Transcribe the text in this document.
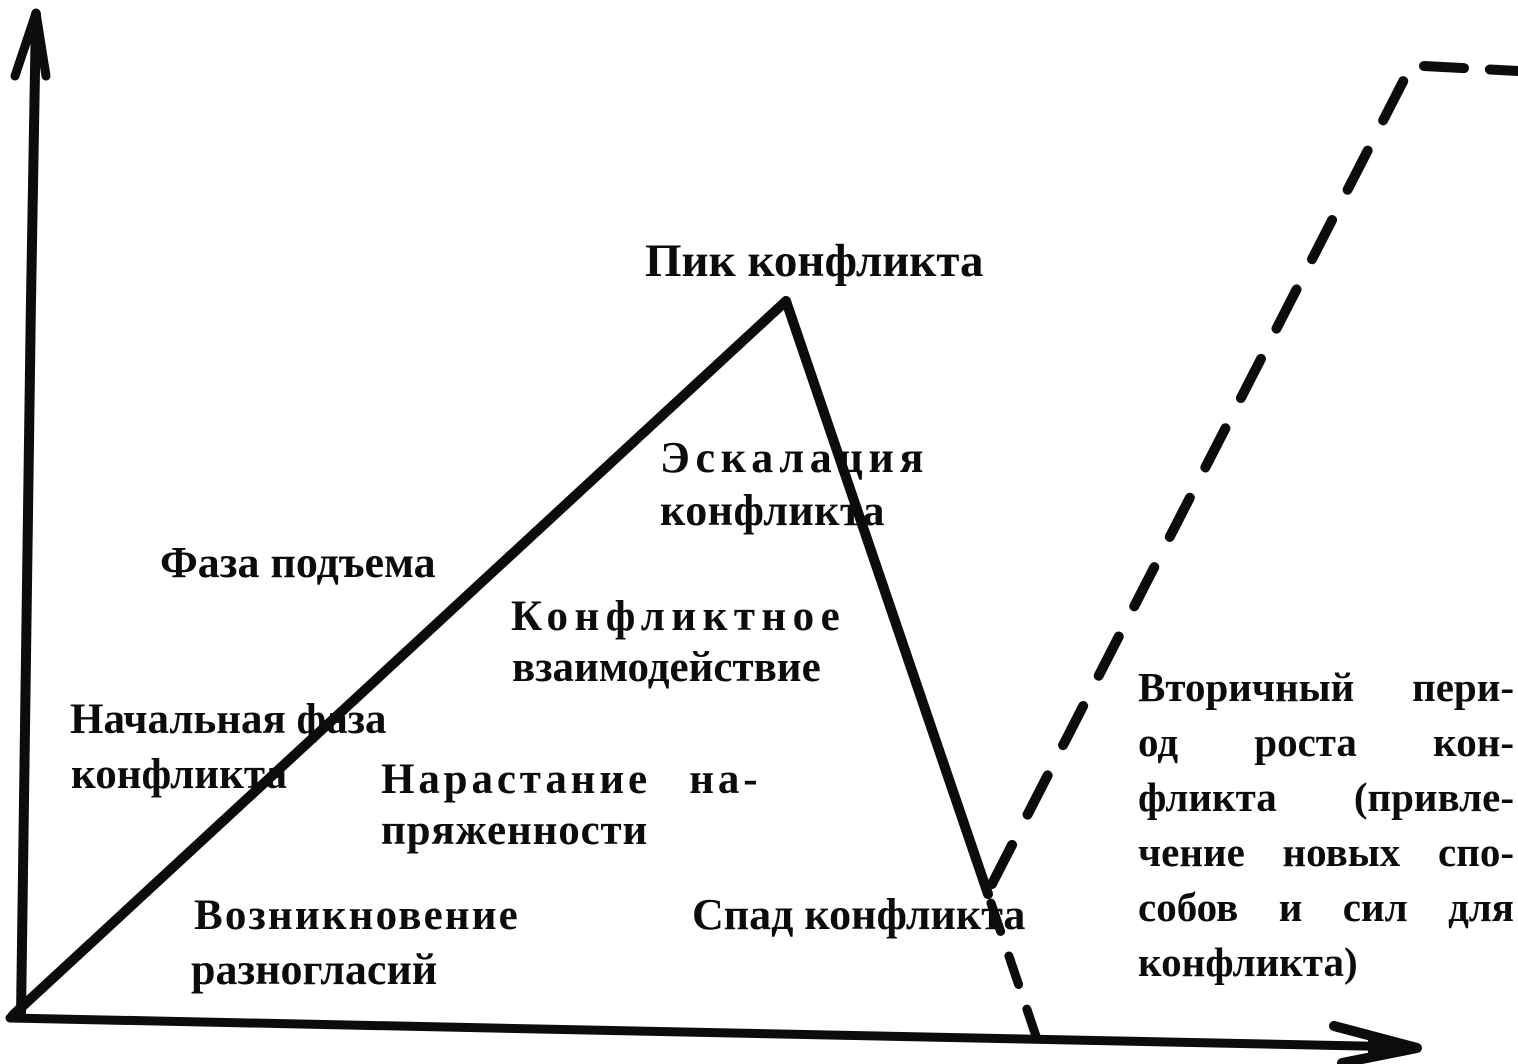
Пик конфликта
Эскалация
конфликта
Фаза подъема
Конфликтное
взаимодействие
Начальная фаза
конфликта Нарастание на-
пряженности
Возникновение
разногласий
Спад конфликта
Вторичный пери-
од роста кон-
фликта (привле-
чение новых спо-
собов и сил для
конфликта)
